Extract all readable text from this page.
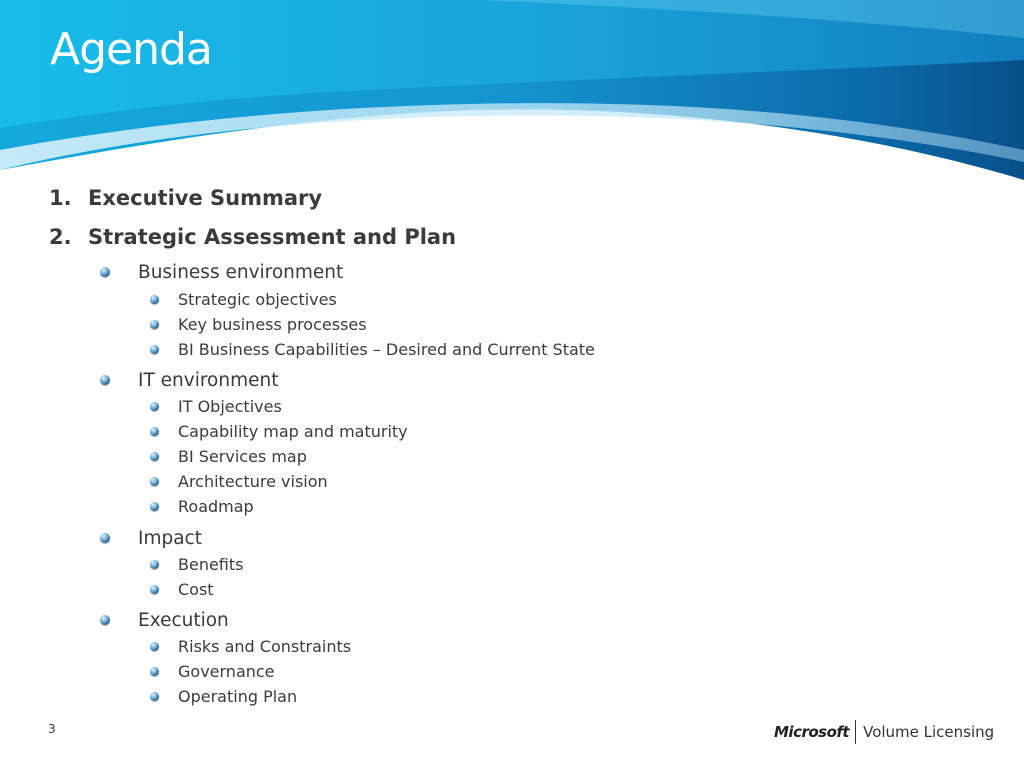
Agenda
1. Executive Summary
2. Strategic Assessment and Plan
Business environment
Strategic objectives
Key business processes
BI Business Capabilities – Desired and Current State
IT environment
IT Objectives
Capability map and maturity
BI Services map
Architecture vision
Roadmap
Impact
Benefits
Cost
Execution
Risks and Constraints
Governance
Operating Plan
3	Microsoft Volume Licensing
